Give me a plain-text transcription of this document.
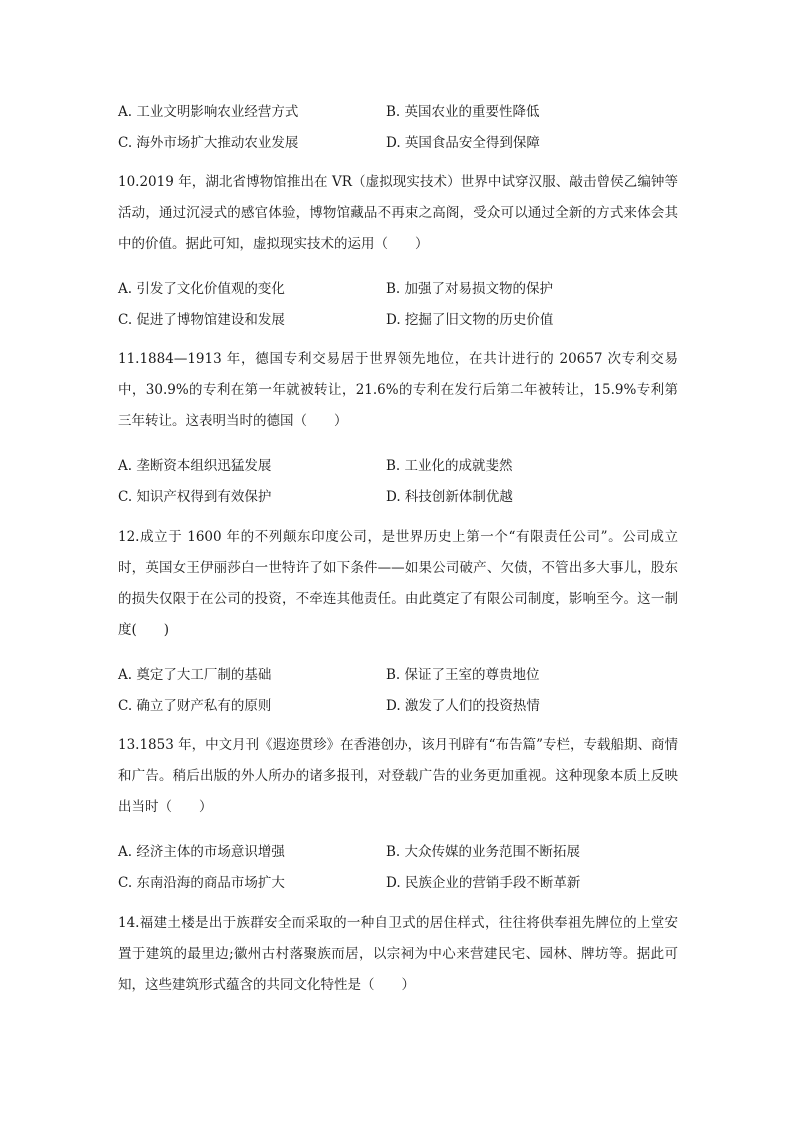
A. 工业文明影响农业经营方式	B. 英国农业的重要性降低
C. 海外市场扩大推动农业发展	D. 英国食品安全得到保障
10.2019 年，湖北省博物馆推出在 VR（虚拟现实技术）世界中试穿汉服、敲击曾侯乙编钟等活动，通过沉浸式的感官体验，博物馆藏品不再束之高阁，受众可以通过全新的方式来体会其中的价值。据此可知，虚拟现实技术的运用（　　）
A. 引发了文化价值观的变化	B. 加强了对易损文物的保护
C. 促进了博物馆建设和发展	D. 挖掘了旧文物的历史价值
11.1884—1913 年，德国专利交易居于世界领先地位，在共计进行的 20657 次专利交易中，30.9%的专利在第一年就被转让，21.6%的专利在发行后第二年被转让，15.9%专利第三年转让。这表明当时的德国（　　）
A. 垄断资本组织迅猛发展	B. 工业化的成就斐然
C. 知识产权得到有效保护	D. 科技创新体制优越
12.成立于 1600 年的不列颠东印度公司，是世界历史上第一个“有限责任公司”。公司成立时，英国女王伊丽莎白一世特许了如下条件——如果公司破产、欠债，不管出多大事儿，股东的损失仅限于在公司的投资，不牵连其他责任。由此奠定了有限公司制度，影响至今。这一制度(　　)
A. 奠定了大工厂制的基础	B. 保证了王室的尊贵地位
C. 确立了财产私有的原则	D. 激发了人们的投资热情
13.1853 年，中文月刊《遐迩贯珍》在香港创办，该月刊辟有“布告篇”专栏，专载船期、商情和广告。稍后出版的外人所办的诸多报刊，对登载广告的业务更加重视。这种现象本质上反映出当时（　　）
A. 经济主体的市场意识增强	B. 大众传媒的业务范围不断拓展
C. 东南沿海的商品市场扩大	D. 民族企业的营销手段不断革新
14.福建土楼是出于族群安全而采取的一种自卫式的居住样式，往往将供奉祖先牌位的上堂安置于建筑的最里边;徽州古村落聚族而居，以宗祠为中心来营建民宅、园林、牌坊等。据此可知，这些建筑形式蕴含的共同文化特性是（　　）
